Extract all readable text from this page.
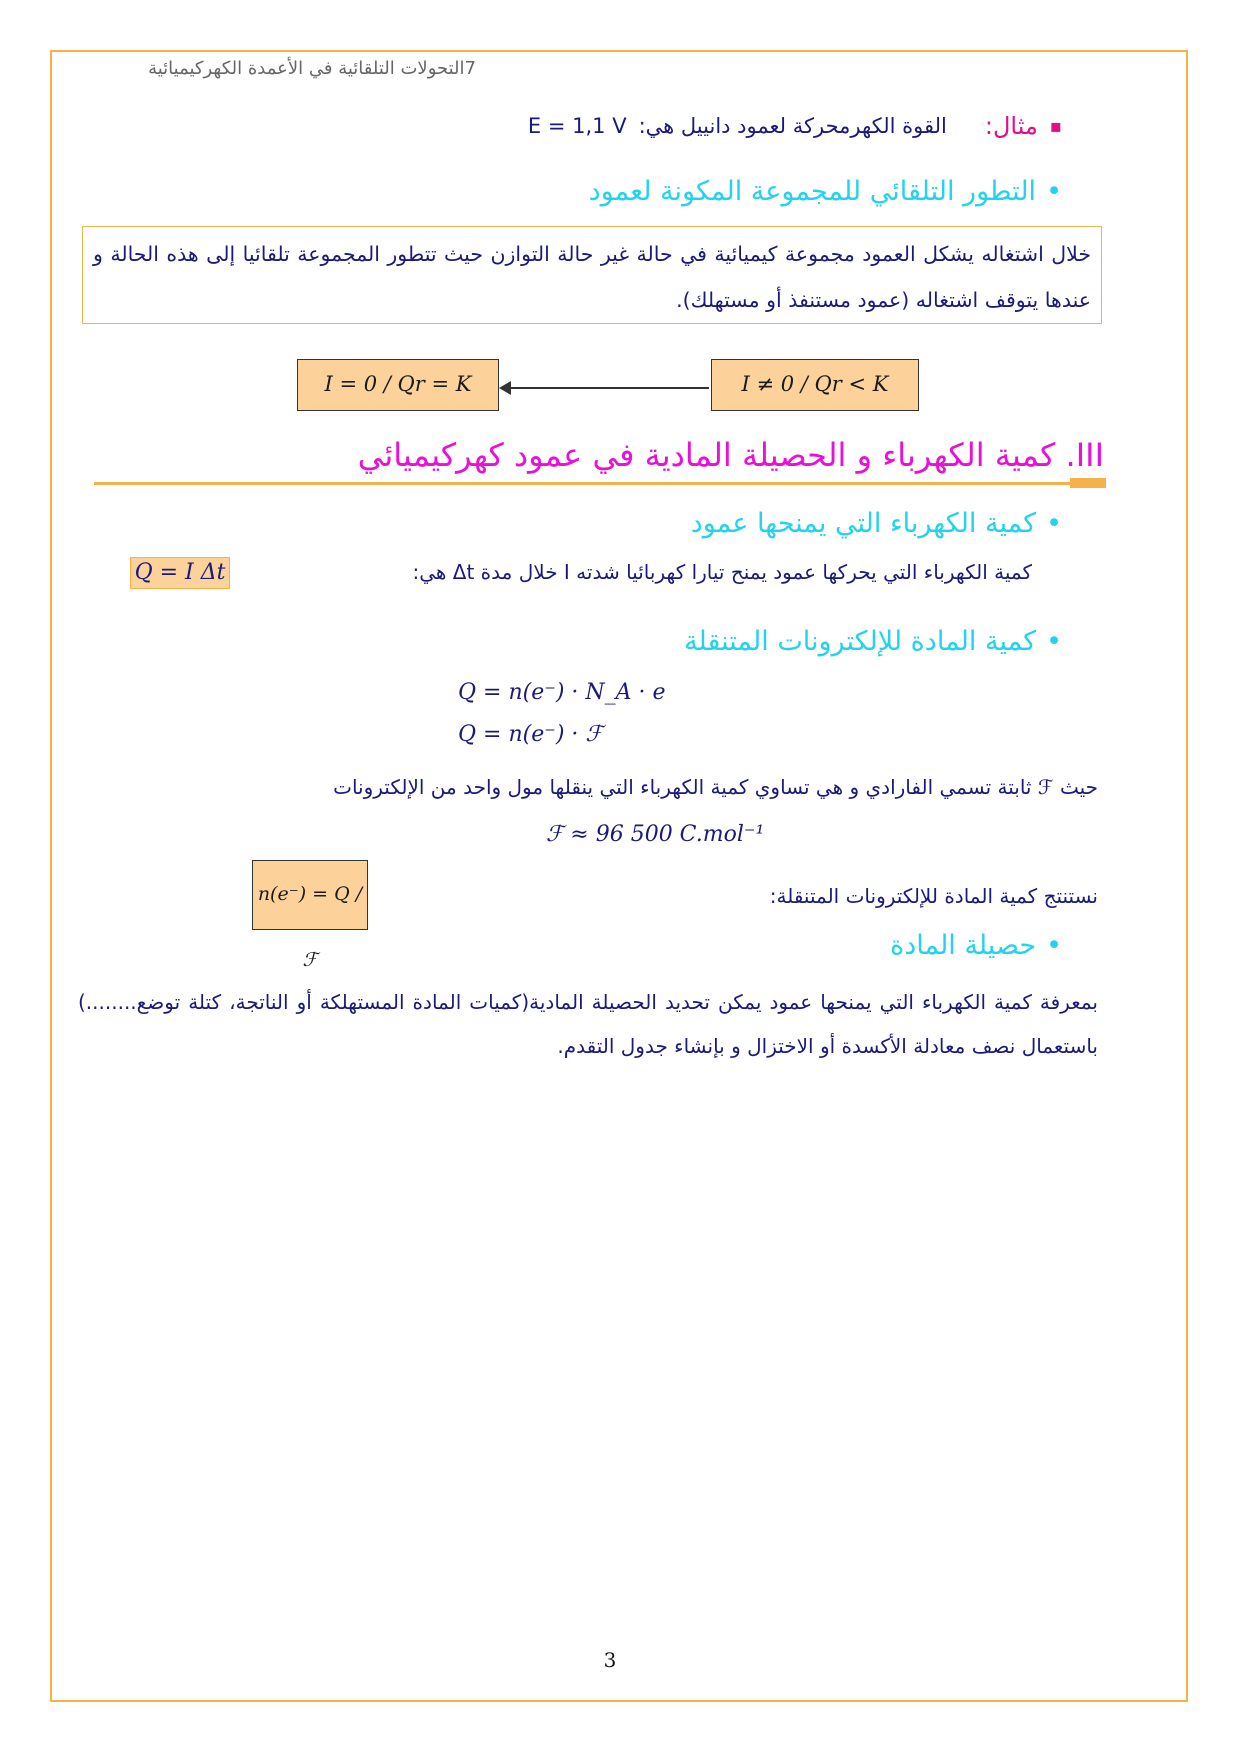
7التحولات التلقائية في الأعمدة الكهركيميائية
▪
مثال:
القوة الكهرمحركة لعمود دانييل هي:
E = 1,1 V
• التطور التلقائي للمجموعة المكونة لعمود

خلال اشتغاله يشكل العمود مجموعة كيميائية في حالة غير حالة التوازن حيث تتطور المجموعة تلقائيا إلى هذه الحالة و عندها يتوقف اشتغاله (عمود مستنفذ أو مستهلك).

I = 0 / Qr = K	I ≠ 0 / Qr < K
III. كمية الكهرباء و الحصيلة المادية في عمود كهركيميائي
• كمية الكهرباء التي يمنحها عمود
كمية الكهرباء التي يحركها عمود يمنح تيارا كهربائيا شدته I خلال مدة Δt هي:
Q = I Δt
• كمية المادة للإلكترونات المتنقلة
Q = n(e⁻) · N_A · e
Q = n(e⁻) · ℱ
حيث ℱ ثابتة تسمي الفارادي و هي تساوي كمية الكهرباء التي ينقلها مول واحد من الإلكترونات
ℱ ≈ 96 500 C.mol⁻¹
نستنتج كمية المادة للإلكترونات المتنقلة:
n(e⁻) = Q / ℱ
•	حصيلة المادة
بمعرفة كمية الكهرباء التي يمنحها عمود يمكن تحديد الحصيلة المادية(كميات المادة المستهلكة أو الناتجة، كتلة توضع........) باستعمال نصف معادلة الأكسدة أو الاختزال و بإنشاء جدول التقدم.
3
